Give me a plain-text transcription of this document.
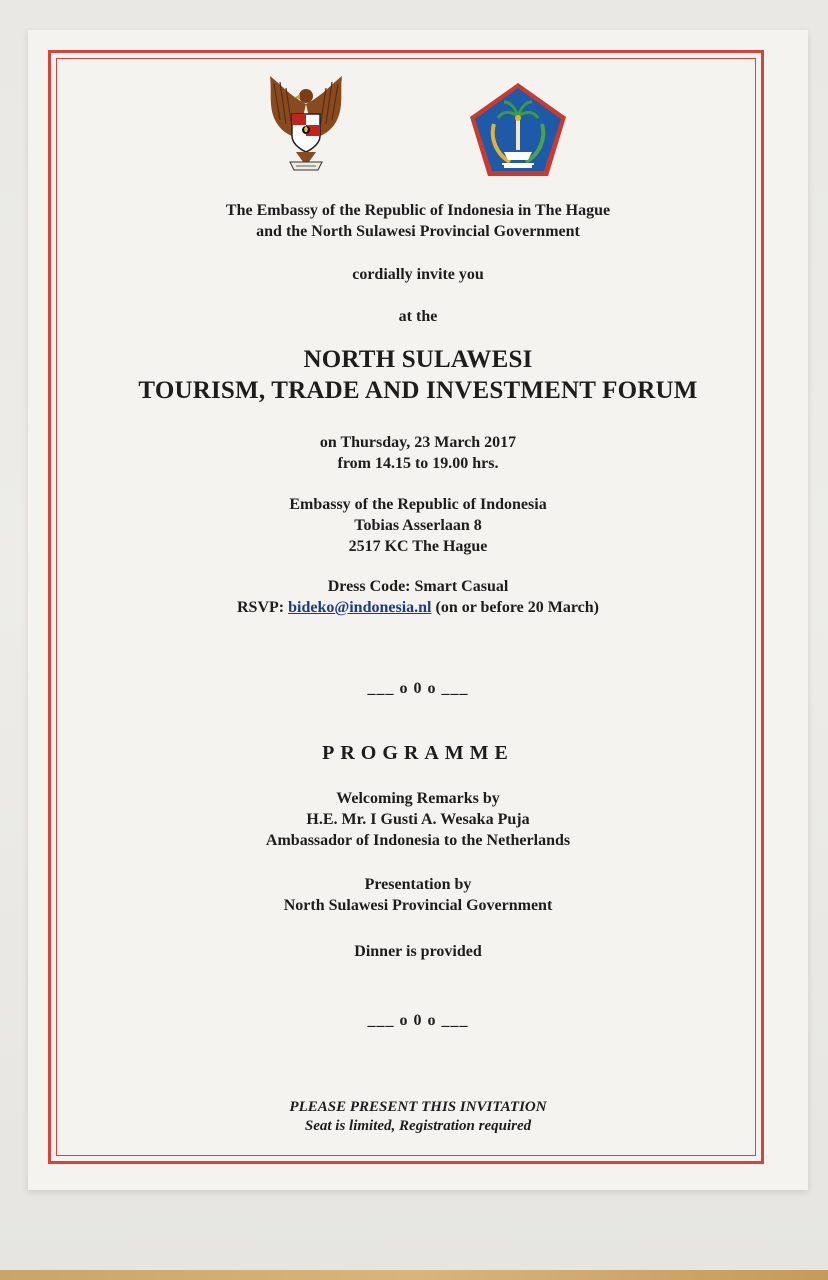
The Embassy of the Republic of Indonesia in The Hague

and the North Sulawesi Provincial Government

cordially invite you

at the

NORTH SULAWESI

TOURISM, TRADE AND INVESTMENT FORUM

on Thursday, 23 March 2017

from 14.15 to 19.00 hrs.

Embassy of the Republic of Indonesia

Tobias Asserlaan 8

2517 KC The Hague

Dress Code: Smart Casual

RSVP: bideko@indonesia.nl (on or before 20 March)

___ o 0 o ___

PROGRAMME

Welcoming Remarks by

H.E. Mr. I Gusti A. Wesaka Puja

Ambassador of Indonesia to the Netherlands

Presentation by

North Sulawesi Provincial Government

Dinner is provided

___ o 0 o ___

PLEASE PRESENT THIS INVITATION

Seat is limited, Registration required
